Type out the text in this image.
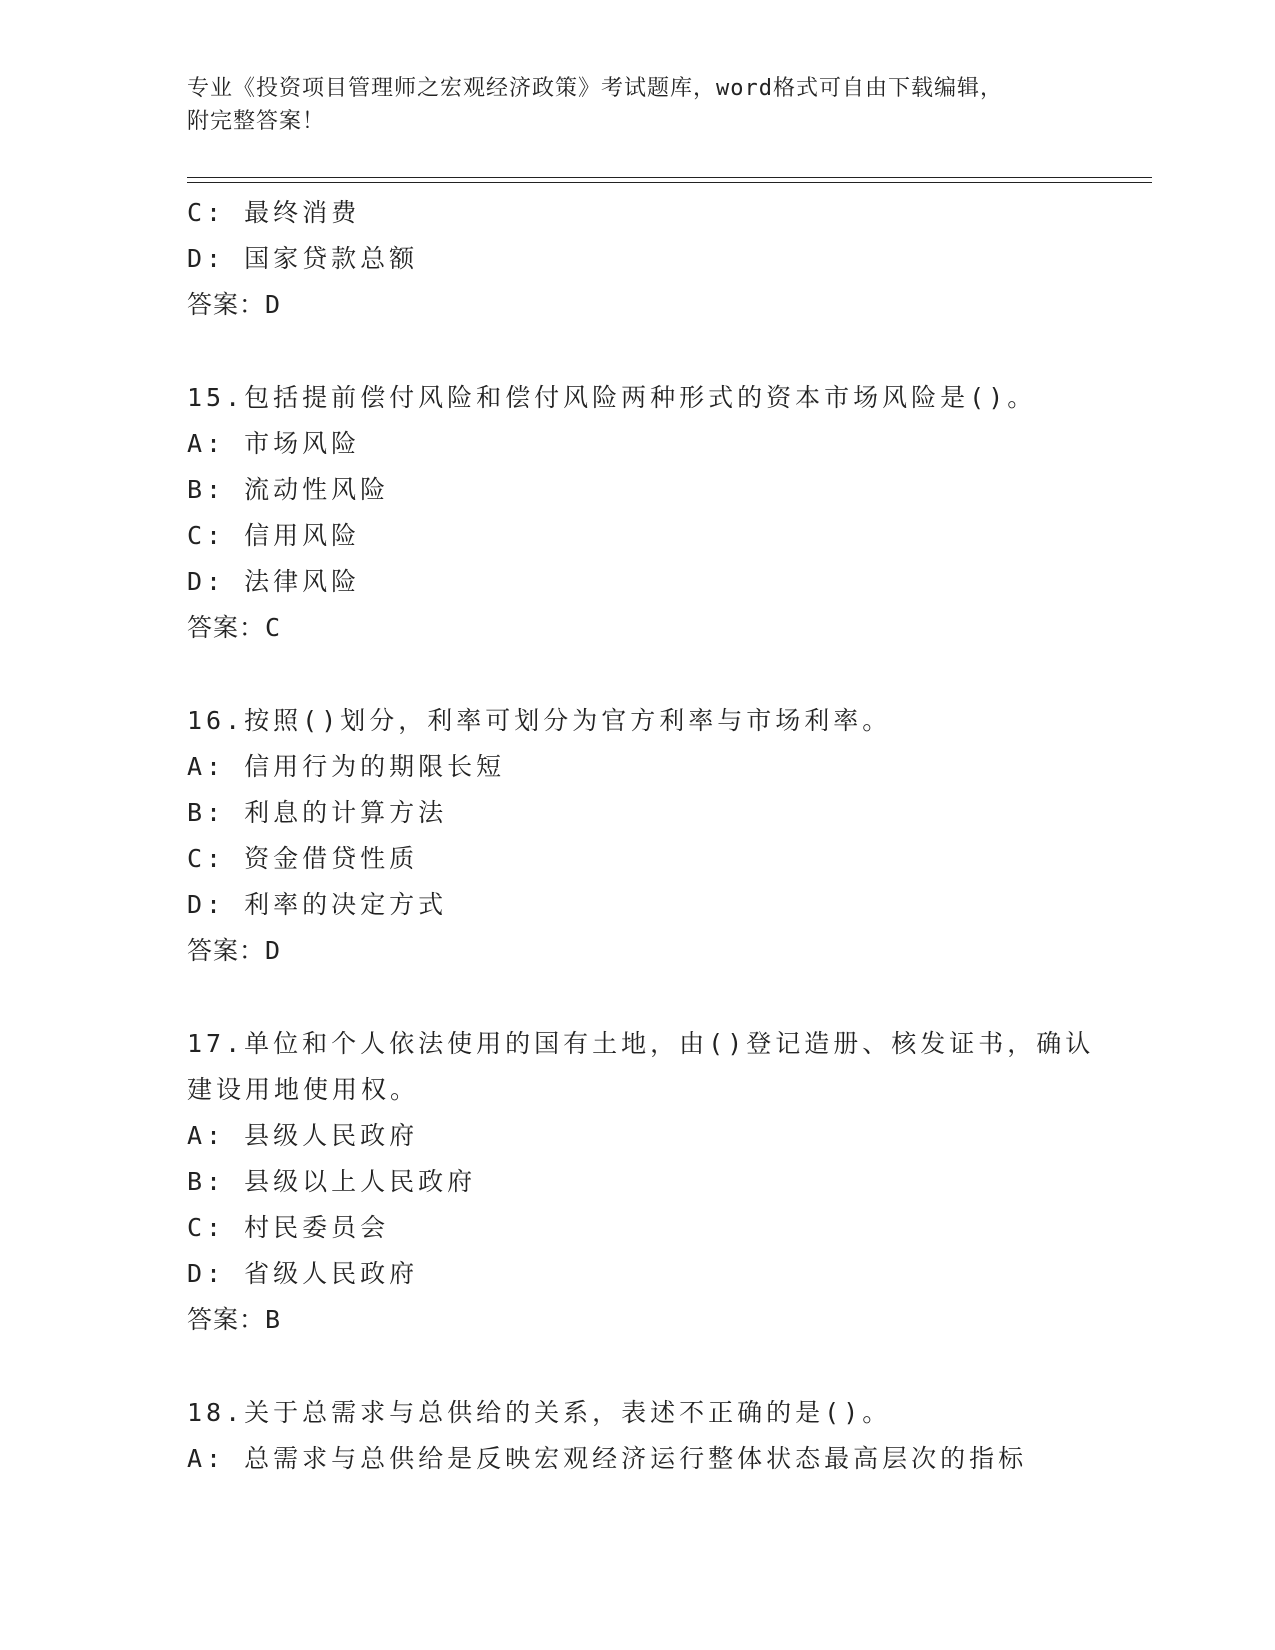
专业《投资项目管理师之宏观经济政策》考试题库，word格式可自由下载编辑，
附完整答案！
C: 最终消费
D: 国家贷款总额
答案：D
15.包括提前偿付风险和偿付风险两种形式的资本市场风险是()。
A: 市场风险
B: 流动性风险
C: 信用风险
D: 法律风险
答案：C
16.按照()划分，利率可划分为官方利率与市场利率。
A: 信用行为的期限长短
B: 利息的计算方法
C: 资金借贷性质
D: 利率的决定方式
答案：D
17.单位和个人依法使用的国有土地，由()登记造册、核发证书，确认
建设用地使用权。
A: 县级人民政府
B: 县级以上人民政府
C: 村民委员会
D: 省级人民政府
答案：B
18.关于总需求与总供给的关系，表述不正确的是()。
A: 总需求与总供给是反映宏观经济运行整体状态最高层次的指标
